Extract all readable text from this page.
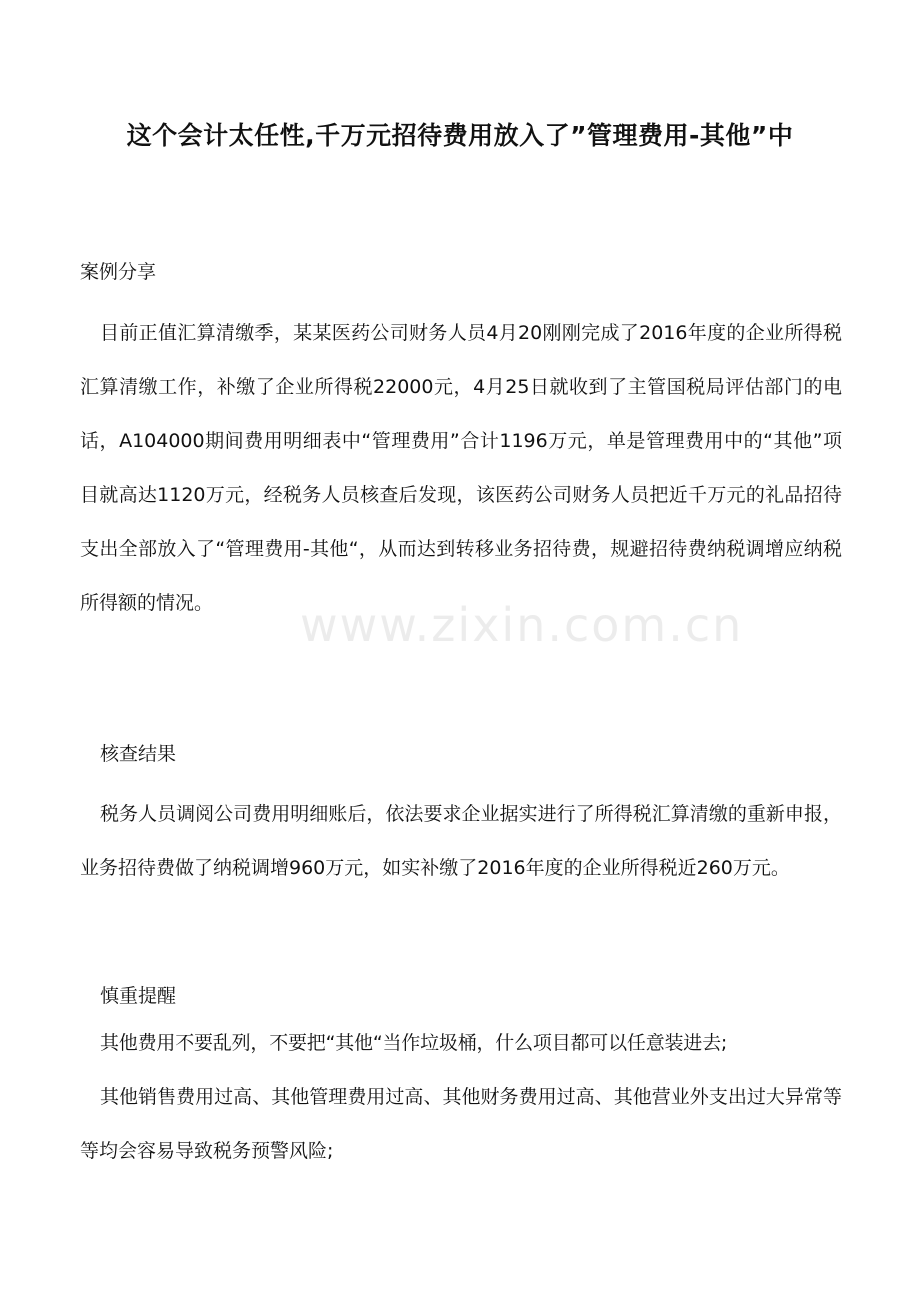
这个会计太任性,千万元招待费用放入了”管理费用-其他”中
案例分享
目前正值汇算清缴季，某某医药公司财务人员4月20刚刚完成了2016年度的企业所得税汇算清缴工作，补缴了企业所得税22000元，4月25日就收到了主管国税局评估部门的电话，A104000期间费用明细表中“管理费用”合计1196万元，单是管理费用中的“其他”项目就高达1120万元，经税务人员核查后发现，该医药公司财务人员把近千万元的礼品招待支出全部放入了“管理费用-其他“，从而达到转移业务招待费，规避招待费纳税调增应纳税所得额的情况。	www.zixin.com.cn
核查结果
税务人员调阅公司费用明细账后，依法要求企业据实进行了所得税汇算清缴的重新申报，业务招待费做了纳税调增960万元，如实补缴了2016年度的企业所得税近260万元。
慎重提醒
其他费用不要乱列，不要把“其他“当作垃圾桶，什么项目都可以任意装进去;
其他销售费用过高、其他管理费用过高、其他财务费用过高、其他营业外支出过大异常等等均会容易导致税务预警风险;
